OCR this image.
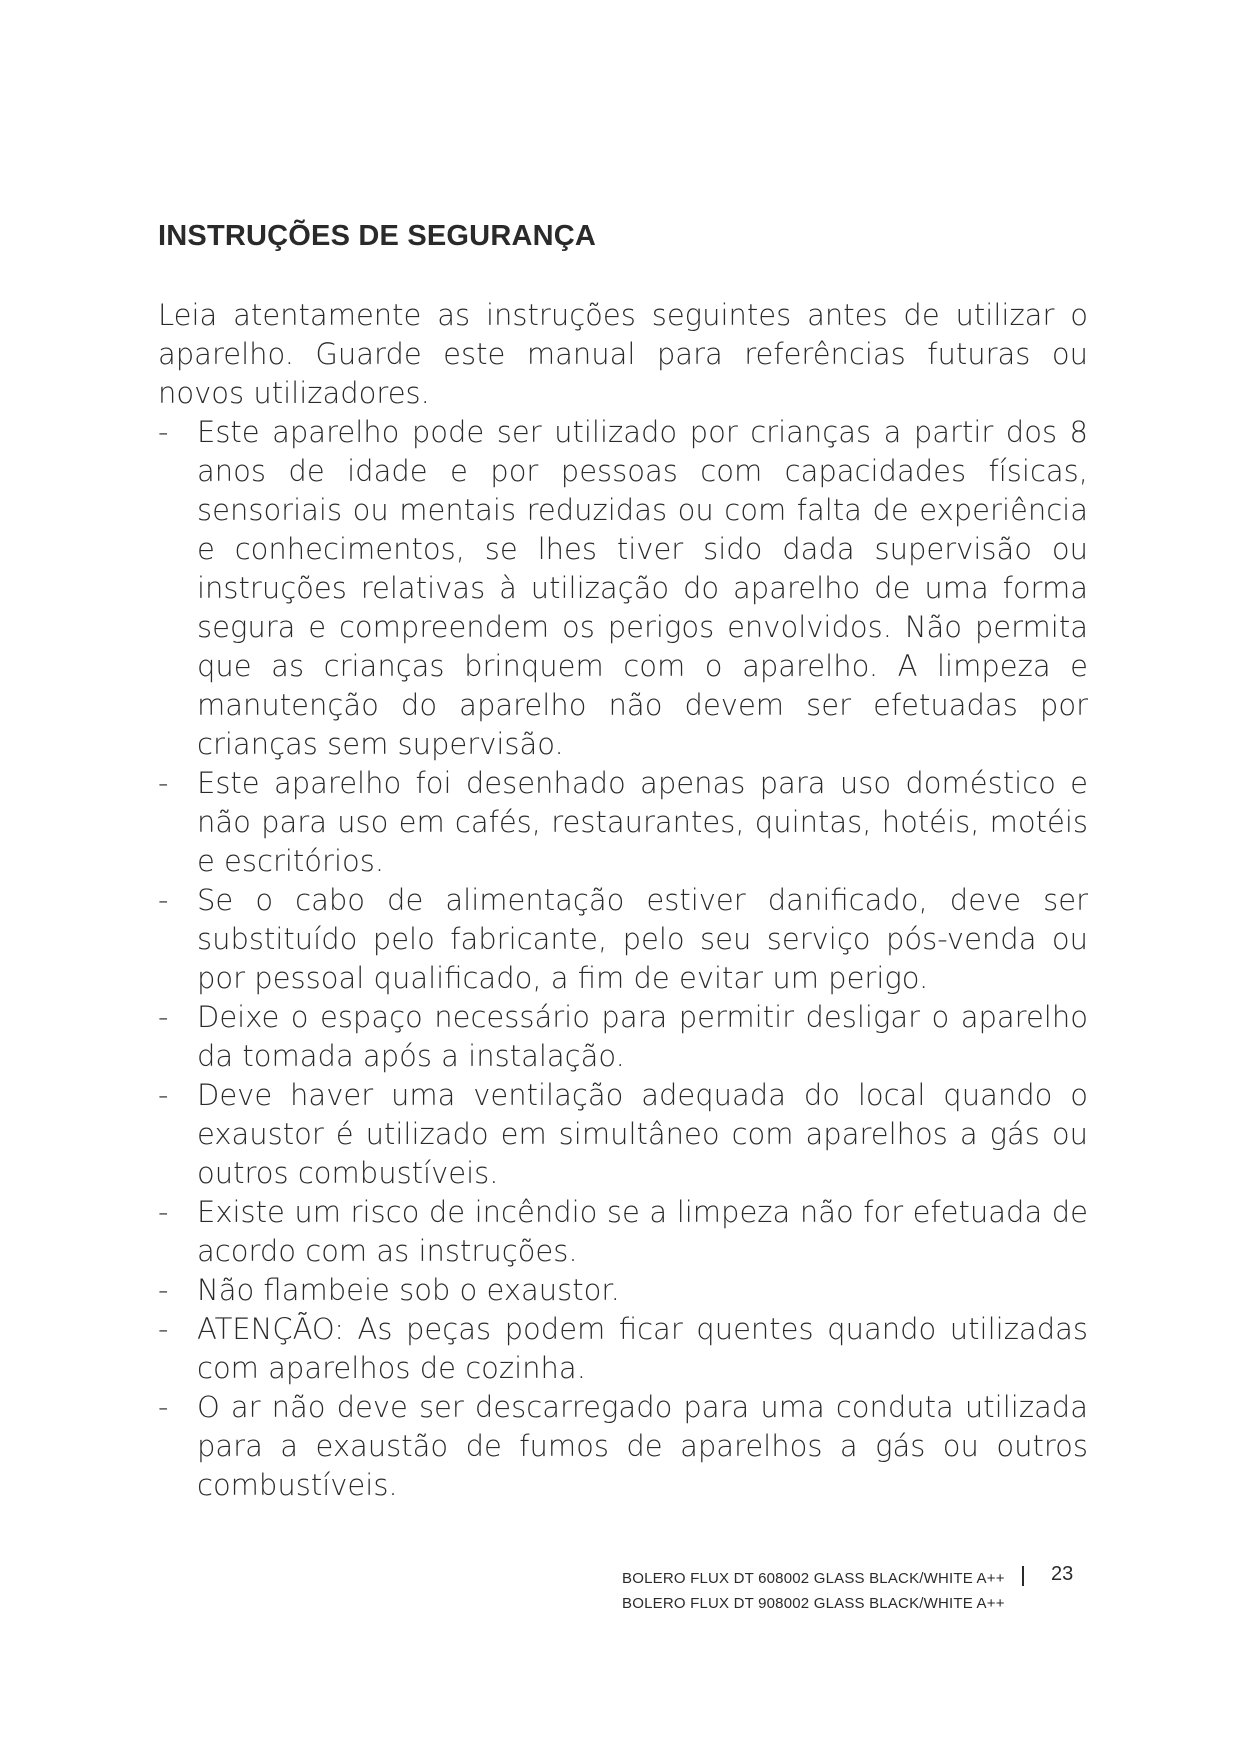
INSTRUÇÕES DE SEGURANÇA

Leia atentamente as instruções seguintes antes de utilizar o aparelho. Guarde este manual para referências futuras ou novos utilizadores.

- Este aparelho pode ser utilizado por crianças a partir dos 8 anos de idade e por pessoas com capacidades físicas, sensoriais ou mentais reduzidas ou com falta de experiência e conhecimentos, se lhes tiver sido dada supervisão ou instruções relativas à utilização do aparelho de uma forma segura e compreendem os perigos envolvidos. Não permita que as crianças brinquem com o aparelho. A limpeza e manutenção do aparelho não devem ser efetuadas por crianças sem supervisão.
- Este aparelho foi desenhado apenas para uso doméstico e não para uso em cafés, restaurantes, quintas, hotéis, motéis e escritórios.
- Se o cabo de alimentação estiver danificado, deve ser substituído pelo fabricante, pelo seu serviço pós-venda ou por pessoal qualificado, a fim de evitar um perigo.
- Deixe o espaço necessário para permitir desligar o aparelho da tomada após a instalação.
- Deve haver uma ventilação adequada do local quando o exaustor é utilizado em simultâneo com aparelhos a gás ou outros combustíveis.
- Existe um risco de incêndio se a limpeza não for efetuada de acordo com as instruções.
- Não flambeie sob o exaustor.
- ATENÇÃO: As peças podem ficar quentes quando utilizadas com aparelhos de cozinha.
- O ar não deve ser descarregado para uma conduta utilizada para a exaustão de fumos de aparelhos a gás ou outros combustíveis.
BOLERO FLUX DT 608002 GLASS BLACK/WHITE A++
BOLERO FLUX DT 908002 GLASS BLACK/WHITE A++
23
